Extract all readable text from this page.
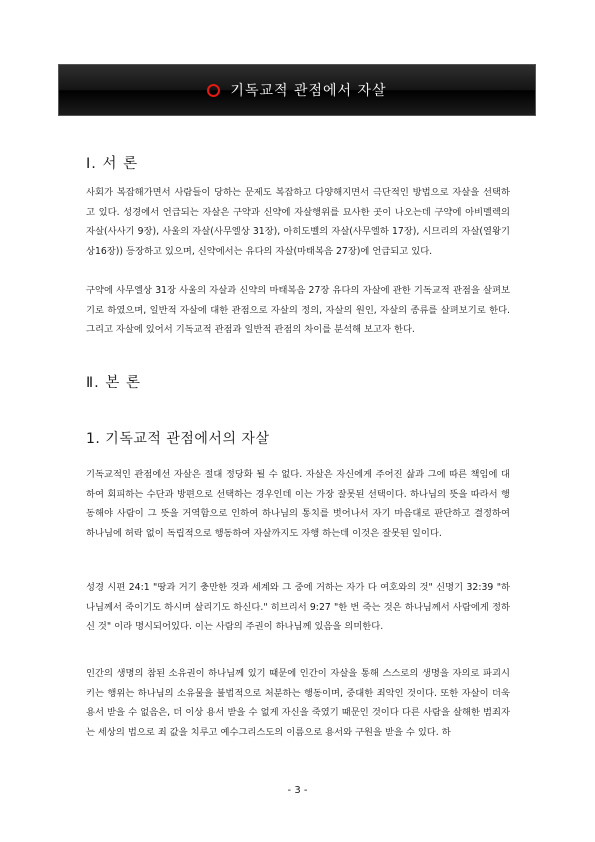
기독교적 관점에서 자살
Ⅰ. 서 론

사회가 복잡해가면서 사람들이 당하는 문제도 복잡하고 다양해지면서 극단적인 방법으로 자살을 선택하고 있다. 성경에서 언급되는 자살은 구약과 신약에 자살행위를 묘사한 곳이 나오는데 구약에 아비멜렉의 자살(사사기 9장), 사울의 자살(사무엘상 31장), 아히도벨의 자살(사무엘하 17장), 시므리의 자살(열왕기상16장)) 등장하고 있으며, 신약에서는 유다의 자살(마태복음 27장)에 언급되고 있다.

구약에 사무엘상 31장 사울의 자살과 신약의 마태복음 27장 유다의 자살에 관한 기독교적 관점을 살펴보기로 하였으며, 일반적 자살에 대한 관점으로 자살의 정의, 자살의 원인, 자살의 종류를 살펴보기로 한다. 그리고 자살에 있어서 기독교적 관점과 일반적 관점의 차이를 분석해 보고자 한다.

Ⅱ. 본 론
1. 기독교적 관점에서의 자살

기독교적인 관점에선 자살은 절대 정당화 될 수 없다. 자살은 자신에게 주어진 삶과 그에 따른 책임에 대하여 회피하는 수단과 방편으로 선택하는 경우인데 이는 가장 잘못된 선택이다. 하나님의 뜻을 따라서 행동해야 사람이 그 뜻을 거역함으로 인하여 하나님의 통치를 벗어나서 자기 마음대로 판단하고 결정하여 하나님에 허락 없이 독립적으로 행동하여 자살까지도 자행 하는데 이것은 잘못된 일이다.

성경 시편 24:1 "땅과 거기 충만한 것과 세계와 그 중에 거하는 자가 다 여호와의 것" 신명기 32:39 "하나님께서 죽이기도 하시며 살리기도 하신다." 히브리서 9:27 "한 번 죽는 것은 하나님께서 사람에게 정하신 것" 이라 명시되어있다. 이는 사람의 주권이 하나님께 있음을 의미한다.

인간의 생명의 참된 소유권이 하나님께 있기 때문에 인간이 자살을 통해 스스로의 생명을 자의로 파괴시키는 행위는 하나님의 소유물을 불법적으로 처분하는 행동이며, 중대한 죄악인 것이다. 또한 자살이 더욱 용서 받을 수 없음은, 더 이상 용서 받을 수 없게 자신을 죽였기 때문인 것이다 다른 사람을 살해한 범죄자는 세상의 법으로 죄 값을 치루고 예수그리스도의 이름으로 용서와 구원을 받을 수 있다. 하

- 3 -
